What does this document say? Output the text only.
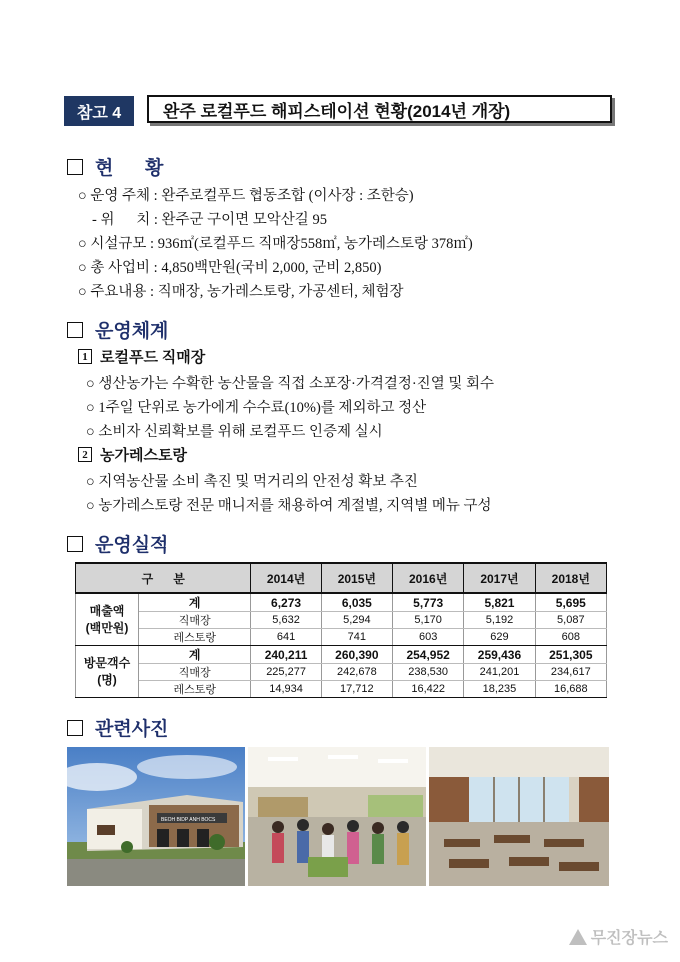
참고 4	완주 로컬푸드 해피스테이션 현황(2014년 개장)
현      황
○ 운영 주체 : 완주로컬푸드 협동조합 (이사장 : 조한승)
- 위      치 : 완주군 구이면 모악산길 95
○ 시설규모 : 936㎡(로컬푸드 직매장558㎡, 농가레스토랑 378㎡)
○ 총 사업비 : 4,850백만원(국비 2,000, 군비 2,850)
○ 주요내용 : 직매장, 농가레스토랑, 가공센터, 체험장
운영체계
1 로컬푸드 직매장
○ 생산농가는 수확한 농산물을 직접 소포장·가격결정·진열 및 회수
○ 1주일 단위로 농가에게 수수료(10%)를 제외하고 정산
○ 소비자 신뢰확보를 위해 로컬푸드 인증제 실시
2 농가레스토랑
○ 지역농산물 소비 촉진 및 먹거리의 안전성 확보 추진
○ 농가레스토랑 전문 매니저를 채용하여 계절별, 지역별 메뉴 구성
운영실적
구      분		2014년	2015년	2016년	2017년	2018년

매출액
(백만원)	계	6,273	6,035	5,773	5,821	5,695
	직매장	5,632	5,294	5,170	5,192	5,087
	레스토랑	641	741	603	629	608

방문객수
(명)	계	240,211	260,390	254,952	259,436	251,305
	직매장	225,277	242,678	238,530	241,201	234,617
	레스토랑	14,934	17,712	16,422	18,235	16,688
관련사진
BEOH BIDP ANH BOCS
무진장뉴스
